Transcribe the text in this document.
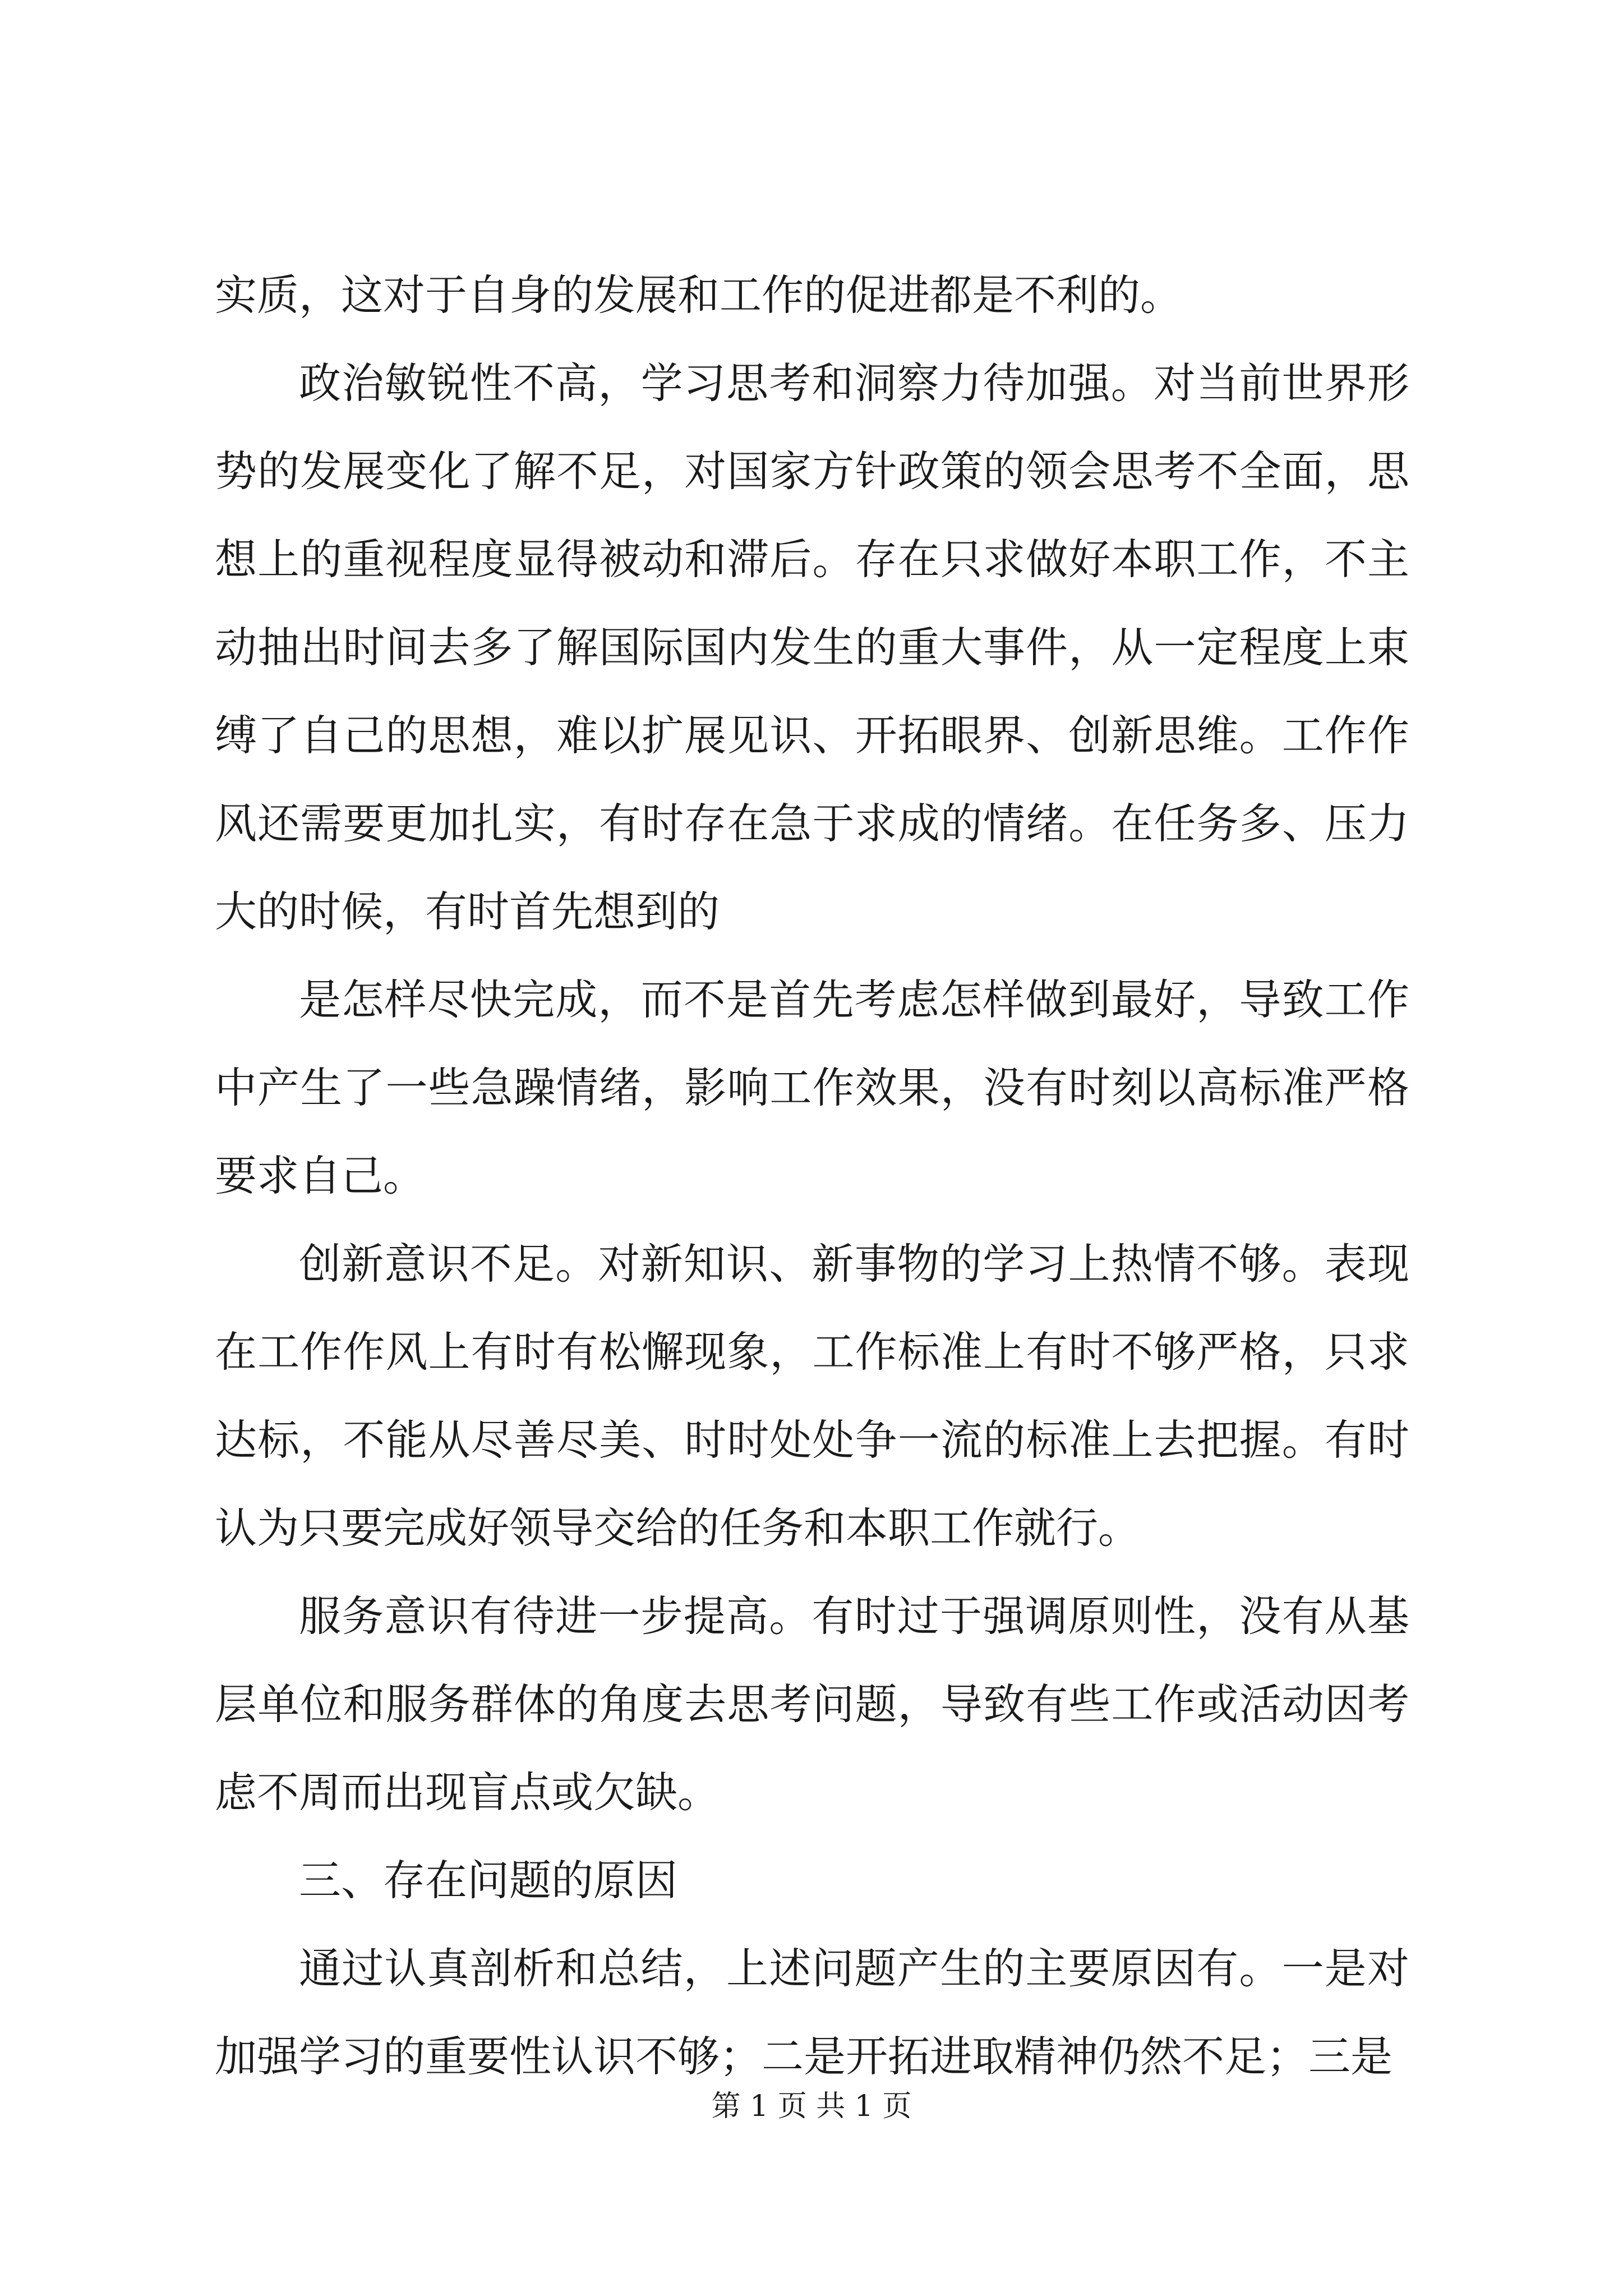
实质，这对于自身的发展和工作的促进都是不利的。

政治敏锐性不高，学习思考和洞察力待加强。对当前世界形势的发展变化了解不足，对国家方针政策的领会思考不全面，思想上的重视程度显得被动和滞后。存在只求做好本职工作，不主动抽出时间去多了解国际国内发生的重大事件，从一定程度上束缚了自己的思想，难以扩展见识、开拓眼界、创新思维。工作作风还需要更加扎实，有时存在急于求成的情绪。在任务多、压力大的时候，有时首先想到的

是怎样尽快完成，而不是首先考虑怎样做到最好，导致工作中产生了一些急躁情绪，影响工作效果，没有时刻以高标准严格要求自己。

创新意识不足。对新知识、新事物的学习上热情不够。表现在工作作风上有时有松懈现象，工作标准上有时不够严格，只求达标，不能从尽善尽美、时时处处争一流的标准上去把握。有时认为只要完成好领导交给的任务和本职工作就行。

服务意识有待进一步提高。有时过于强调原则性，没有从基层单位和服务群体的角度去思考问题，导致有些工作或活动因考虑不周而出现盲点或欠缺。

三、存在问题的原因

通过认真剖析和总结，上述问题产生的主要原因有。一是对加强学习的重要性认识不够；二是开拓进取精神仍然不足；三是

第 1 页 共 1 页
